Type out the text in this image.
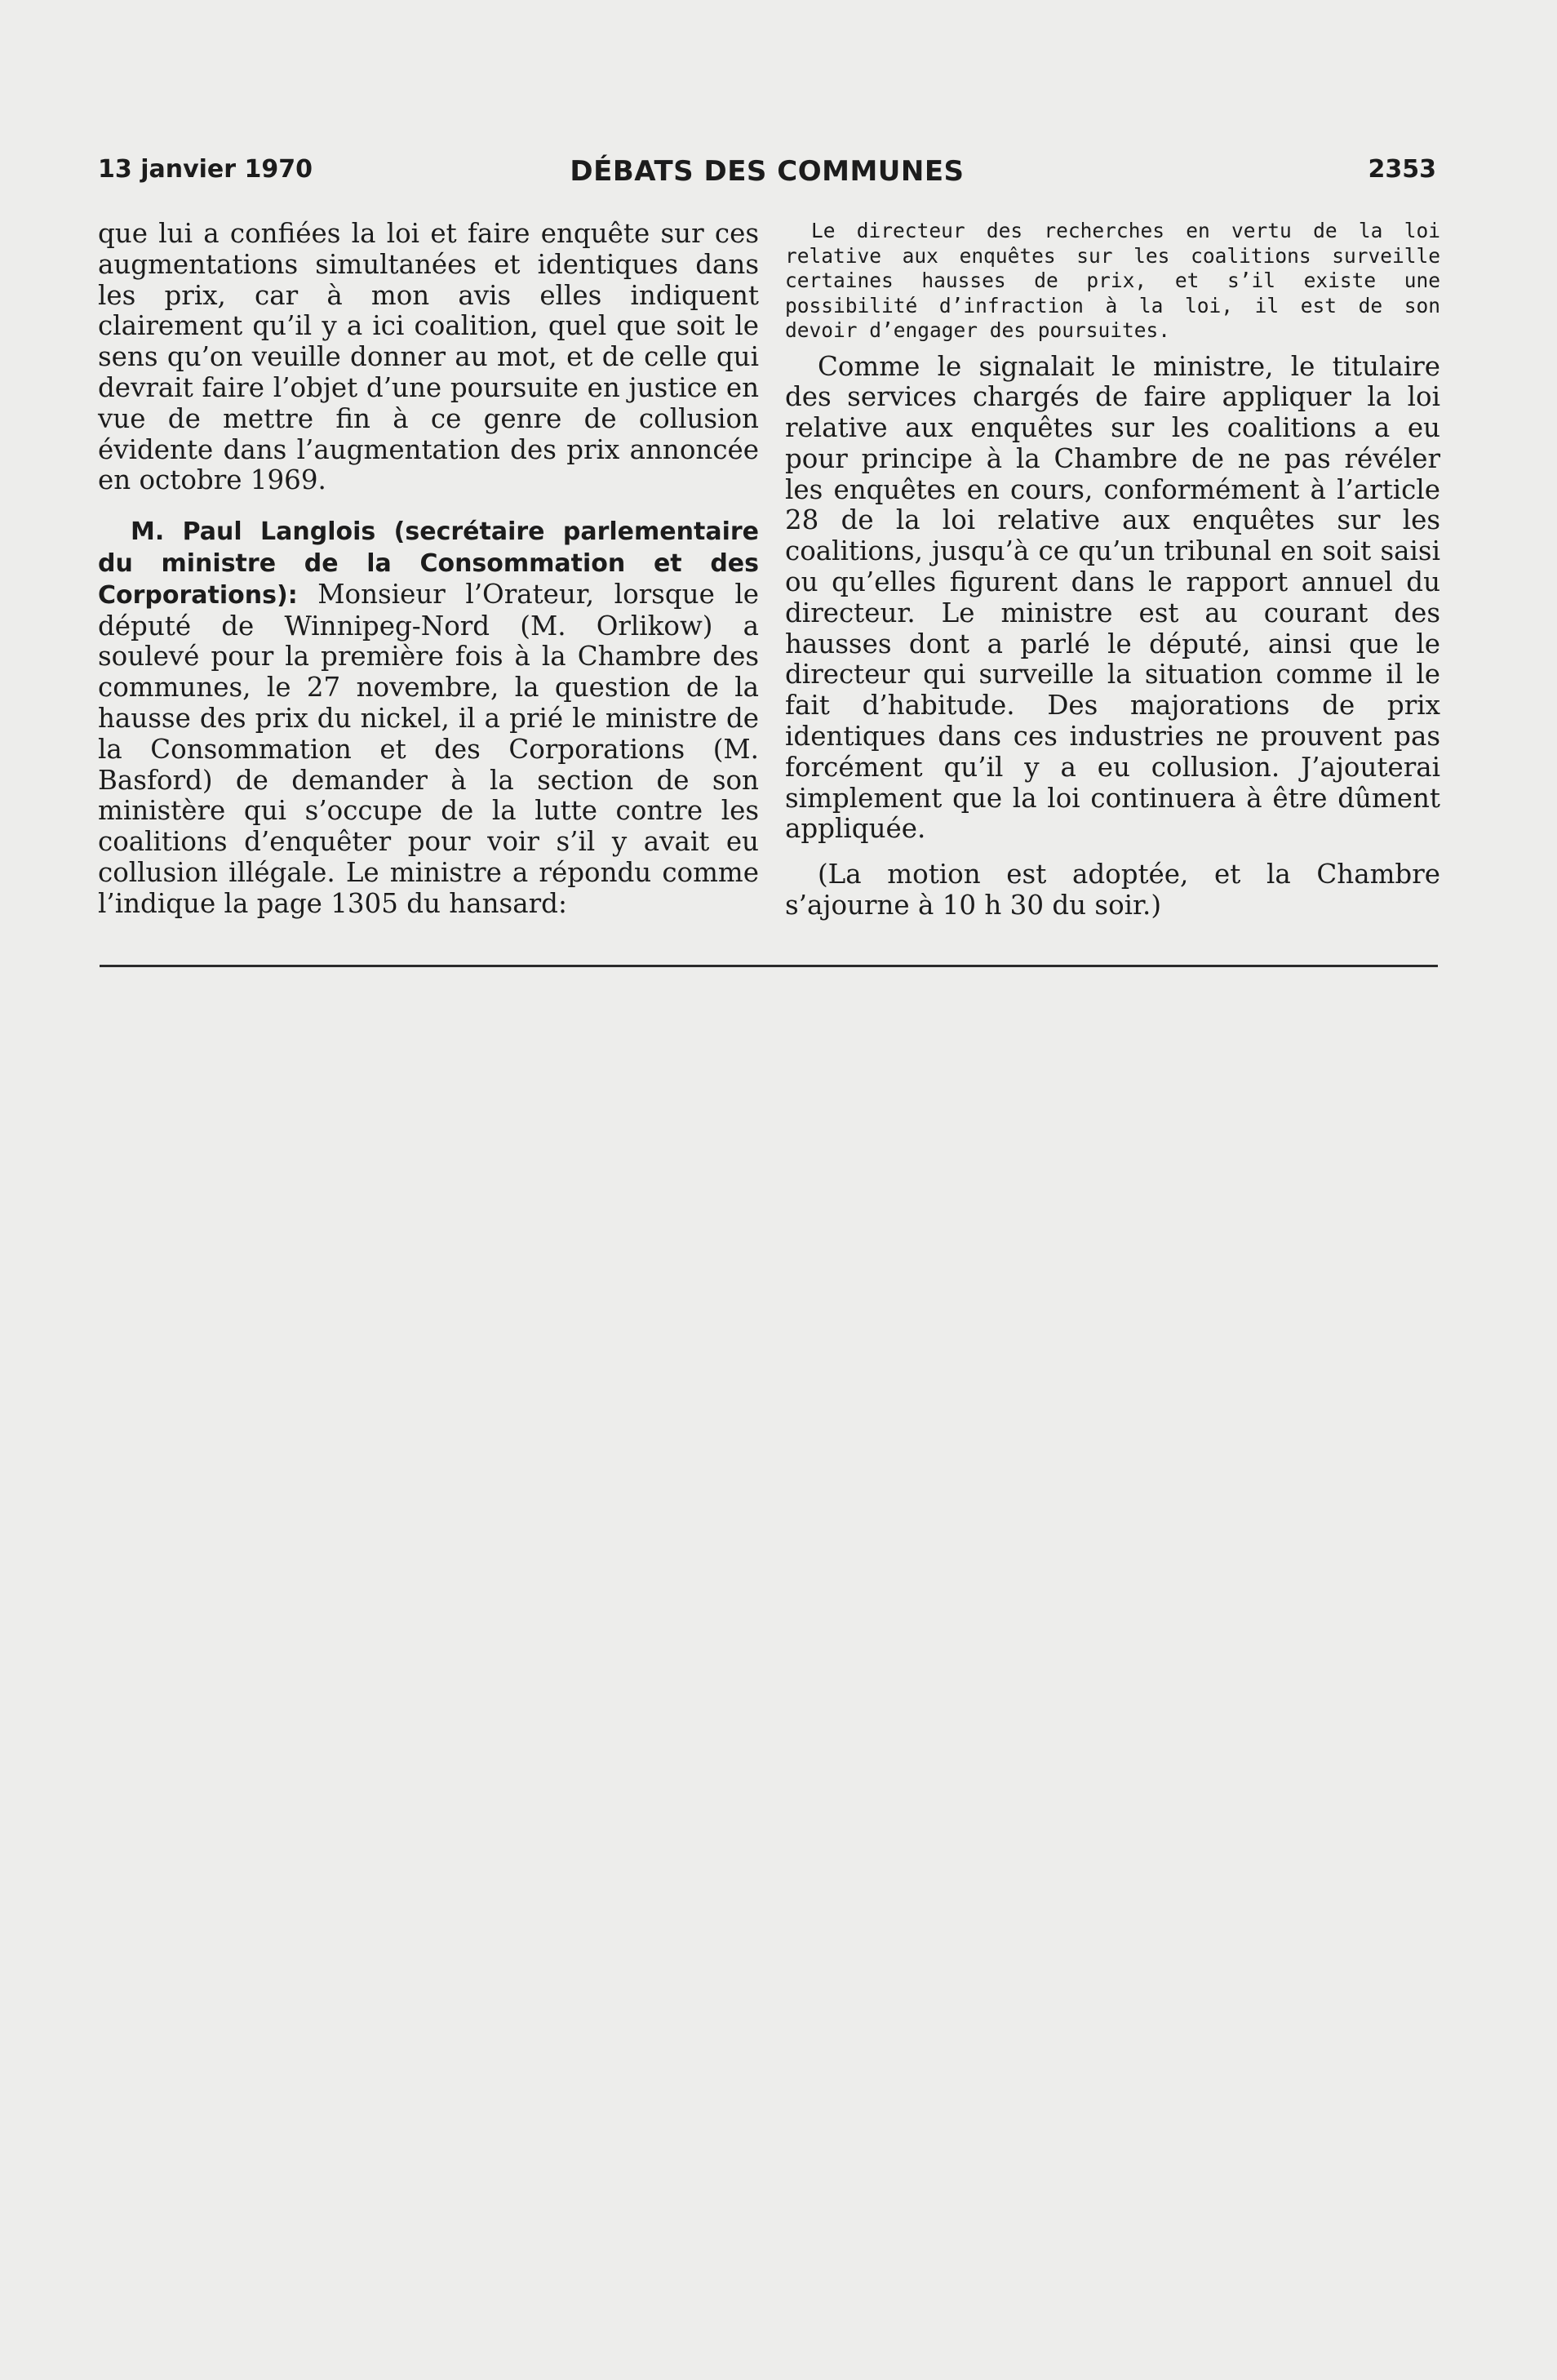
13 janvier 1970	DÉBATS DES COMMUNES	2353

que lui a confiées la loi et faire enquête sur ces augmentations simultanées et identiques dans les prix, car à mon avis elles indiquent clairement qu’il y a ici coalition, quel que soit le sens qu’on veuille donner au mot, et de celle qui devrait faire l’objet d’une poursuite en justice en vue de mettre fin à ce genre de collusion évidente dans l’augmentation des prix annoncée en octobre 1969.

M. Paul Langlois (secrétaire parlementaire du ministre de la Consommation et des Corporations): Monsieur l’Orateur, lorsque le député de Winnipeg-Nord (M. Orlikow) a soulevé pour la première fois à la Chambre des communes, le 27 novembre, la question de la hausse des prix du nickel, il a prié le ministre de la Consommation et des Corporations (M. Basford) de demander à la section de son ministère qui s’occupe de la lutte contre les coalitions d’enquêter pour voir s’il y avait eu collusion illégale. Le ministre a répondu comme l’indique la page 1305 du hansard:

Le directeur des recherches en vertu de la loi relative aux enquêtes sur les coalitions surveille certaines hausses de prix, et s’il existe une possibilité d’infraction à la loi, il est de son devoir d’engager des poursuites.

Comme le signalait le ministre, le titulaire des services chargés de faire appliquer la loi relative aux enquêtes sur les coalitions a eu pour principe à la Chambre de ne pas révéler les enquêtes en cours, conformément à l’article 28 de la loi relative aux enquêtes sur les coalitions, jusqu’à ce qu’un tribunal en soit saisi ou qu’elles figurent dans le rapport annuel du directeur. Le ministre est au courant des hausses dont a parlé le député, ainsi que le directeur qui surveille la situation comme il le fait d’habitude. Des majorations de prix identiques dans ces industries ne prouvent pas forcément qu’il y a eu collusion. J’ajouterai simplement que la loi continuera à être dûment appliquée.

(La motion est adoptée, et la Chambre s’ajourne à 10 h 30 du soir.)
